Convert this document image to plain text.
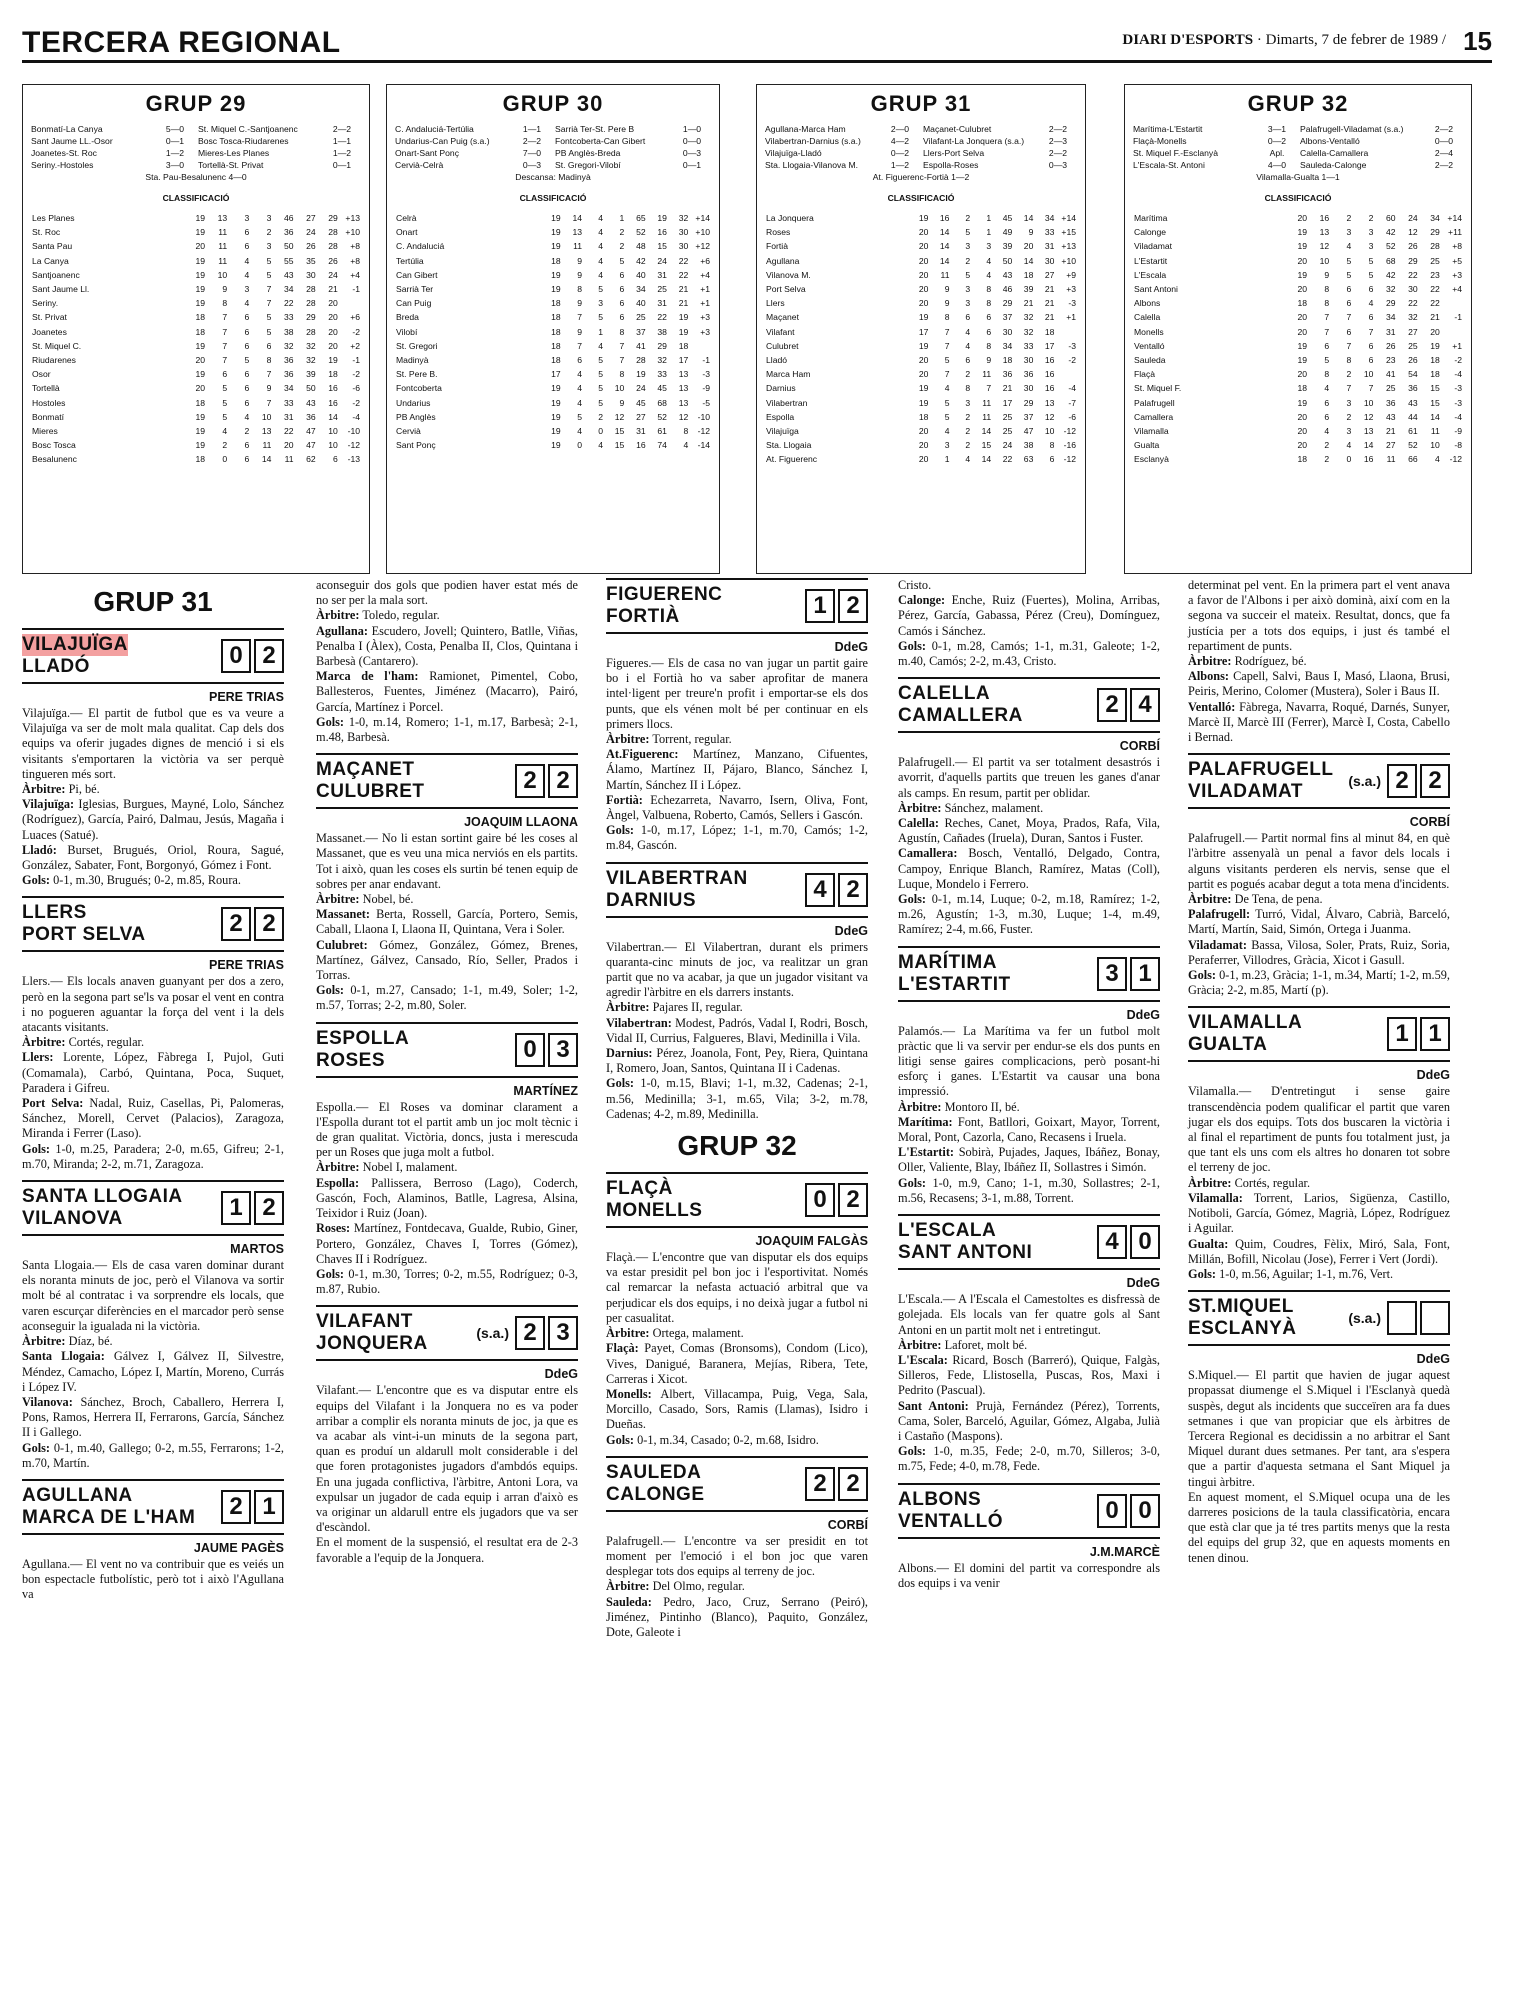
TERCERA REGIONAL	DIARI D'ESPORTS · Dimarts, 7 de febrer de 1989 / 15
GRUP 29
Bonmatí-La Canya	5—0	St. Miquel C.-Santjoanenc	2—2
Sant Jaume LL.-Osor	0—1	Bosc Tosca-Riudarenes	1—1
Joanetes-St. Roc	1—2	Mieres-Les Planes	1—2
Seriny.-Hostoles	3—0	Tortellà-St. Privat	0—1
Sta. Pau-Besalunenc 4—0
CLASSIFICACIÓ
Les Planes	19	13	3	3	46	27	29	+13
St. Roc	19	11	6	2	36	24	28	+10
Santa Pau	20	11	6	3	50	26	28	+8
La Canya	19	11	4	5	55	35	26	+8
Santjoanenc	19	10	4	5	43	30	24	+4
Sant Jaume Ll.	19	9	3	7	34	28	21	-1
Seriny.	19	8	4	7	22	28	20	
St. Privat	18	7	6	5	33	29	20	+6
Joanetes	18	7	6	5	38	28	20	-2
St. Miquel C.	19	7	6	6	32	32	20	+2
Riudarenes	20	7	5	8	36	32	19	-1
Osor	19	6	6	7	36	39	18	-2
Tortellà	20	5	6	9	34	50	16	-6
Hostoles	18	5	6	7	33	43	16	-2
Bonmatí	19	5	4	10	31	36	14	-4
Mieres	19	4	2	13	22	47	10	-10
Bosc Tosca	19	2	6	11	20	47	10	-12
Besalunenc	18	0	6	14	11	62	6	-13
GRUP 30
C. Andaluciá-Tertúlia	1—1	Sarrià Ter-St. Pere B	1—0
Undarius-Can Puig (s.a.)	2—2	Fontcoberta-Can Gibert	0—0
Onart-Sant Ponç	7—0	PB Anglès-Breda	0—3
Cervià-Celrà	0—3	St. Gregori-Vilobí	0—1
Descansa: Madinyà
CLASSIFICACIÓ
Celrà	19	14	4	1	65	19	32	+14
Onart	19	13	4	2	52	16	30	+10
C. Andaluciá	19	11	4	2	48	15	30	+12
Tertúlia	18	9	4	5	42	24	22	+6
Can Gibert	19	9	4	6	40	31	22	+4
Sarrià Ter	19	8	5	6	34	25	21	+1
Can Puig	18	9	3	6	40	31	21	+1
Breda	18	7	5	6	25	22	19	+3
Vilobí	18	9	1	8	37	38	19	+3
St. Gregori	18	7	4	7	41	29	18	
Madinyà	18	6	5	7	28	32	17	-1
St. Pere B.	17	4	5	8	19	33	13	-3
Fontcoberta	19	4	5	10	24	45	13	-9
Undarius	19	4	5	9	45	68	13	-5
PB Anglès	19	5	2	12	27	52	12	-10
Cervià	19	4	0	15	31	61	8	-12
Sant Ponç	19	0	4	15	16	74	4	-14
GRUP 31
Agullana-Marca Ham	2—0	Maçanet-Culubret	2—2
Vilabertran-Darnius (s.a.)	4—2	Vilafant-La Jonquera (s.a.)	2—3
Vilajuïga-Lladó	0—2	Llers-Port Selva	2—2
Sta. Llogaia-Vilanova M.	1—2	Espolla-Roses	0—3
At. Figuerenc-Fortià 1—2
CLASSIFICACIÓ
La Jonquera	19	16	2	1	45	14	34	+14
Roses	20	14	5	1	49	9	33	+15
Fortià	20	14	3	3	39	20	31	+13
Agullana	20	14	2	4	50	14	30	+10
Vilanova M.	20	11	5	4	43	18	27	+9
Port Selva	20	9	3	8	46	39	21	+3
Llers	20	9	3	8	29	21	21	-3
Maçanet	19	8	6	6	37	32	21	+1
Vilafant	17	7	4	6	30	32	18	
Culubret	19	7	4	8	34	33	17	-3
Lladó	20	5	6	9	18	30	16	-2
Marca Ham	20	7	2	11	36	36	16	
Darnius	19	4	8	7	21	30	16	-4
Vilabertran	19	5	3	11	17	29	13	-7
Espolla	18	5	2	11	25	37	12	-6
Vilajuïga	20	4	2	14	25	47	10	-12
Sta. Llogaia	20	3	2	15	24	38	8	-16
At. Figuerenc	20	1	4	14	22	63	6	-12
GRUP 32
Marítima-L'Estartit	3—1	Palafrugell-Viladamat (s.a.)	2—2
Flaçà-Monells	0—2	Albons-Ventalló	0—0
St. Miquel F.-Esclanyà	Apl.	Calella-Camallera	2—4
L'Escala-St. Antoni	4—0	Sauleda-Calonge	2—2
Vilamalla-Gualta 1—1
CLASSIFICACIÓ
Marítima	20	16	2	2	60	24	34	+14
Calonge	19	13	3	3	42	12	29	+11
Viladamat	19	12	4	3	52	26	28	+8
L'Estartit	20	10	5	5	68	29	25	+5
L'Escala	19	9	5	5	42	22	23	+3
Sant Antoni	20	8	6	6	32	30	22	+4
Albons	18	8	6	4	29	22	22	
Calella	20	7	7	6	34	32	21	-1
Monells	20	7	6	7	31	27	20	
Ventalló	19	6	7	6	26	25	19	+1
Sauleda	19	5	8	6	23	26	18	-2
Flaçà	20	8	2	10	41	54	18	-4
St. Miquel F.	18	4	7	7	25	36	15	-3
Palafrugell	19	6	3	10	36	43	15	-3
Camallera	20	6	2	12	43	44	14	-4
Vilamalla	20	4	3	13	21	61	11	-9
Gualta	20	2	4	14	27	52	10	-8
Esclanyà	18	2	0	16	11	66	4	-12
GRUP 31
VILAJUÏGA
LLADÓ	0 2
PERE TRIAS

Vilajuïga.— El partit de futbol que es va veure a Vilajuïga va ser de molt mala qualitat. Cap dels dos equips va oferir jugades dignes de menció i si els visitants s'emportaren la victòria va ser perquè tingueren més sort.

Àrbitre: Pi, bé.

Vilajuïga: Iglesias, Burgues, Mayné, Lolo, Sánchez (Rodríguez), García, Pairó, Dalmau, Jesús, Magaña i Luaces (Satué).

Lladó: Burset, Brugués, Oriol, Roura, Sagué, González, Sabater, Font, Borgonyó, Gómez i Font.

Gols: 0-1, m.30, Brugués; 0-2, m.85, Roura.

LLERS
PORT SELVA	2 2
PERE TRIAS

Llers.— Els locals anaven guanyant per dos a zero, però en la segona part se'ls va posar el vent en contra i no pogueren aguantar la força del vent i la dels atacants visitants.

Àrbitre: Cortés, regular.

Llers: Lorente, López, Fàbrega I, Pujol, Guti (Comamala), Carbó, Quintana, Poca, Suquet, Paradera i Gifreu.

Port Selva: Nadal, Ruiz, Casellas, Pi, Palomeras, Sánchez, Morell, Cervet (Palacios), Zaragoza, Miranda i Ferrer (Laso).

Gols: 1-0, m.25, Paradera; 2-0, m.65, Gifreu; 2-1, m.70, Miranda; 2-2, m.71, Zaragoza.

SANTA LLOGAIA
VILANOVA	1 2
MARTOS

Santa Llogaia.— Els de casa varen dominar durant els noranta minuts de joc, però el Vilanova va sortir molt bé al contratac i va sorprendre els locals, que varen escurçar diferències en el marcador però sense aconseguir la igualada ni la victòria.

Àrbitre: Díaz, bé.

Santa Llogaia: Gálvez I, Gálvez II, Silvestre, Méndez, Camacho, López I, Martín, Moreno, Currás i López IV.

Vilanova: Sánchez, Broch, Caballero, Herrera I, Pons, Ramos, Herrera II, Ferrarons, García, Sánchez II i Gallego.

Gols: 0-1, m.40, Gallego; 0-2, m.55, Ferrarons; 1-2, m.70, Martín.

AGULLANA
MARCA DE L'HAM	2 1
JAUME PAGÈS

Agullana.— El vent no va contribuir que es veiés un bon espectacle futbolístic, però tot i això l'Agullana va

aconseguir dos gols que podien haver estat més de no ser per la mala sort.

Àrbitre: Toledo, regular.

Agullana: Escudero, Jovell; Quintero, Batlle, Viñas, Penalba I (Àlex), Costa, Penalba II, Clos, Quintana i Barbesà (Cantarero).

Marca de l'ham: Ramionet, Pimentel, Cobo, Ballesteros, Fuentes, Jiménez (Macarro), Pairó, García, Martínez i Porcel.

Gols: 1-0, m.14, Romero; 1-1, m.17, Barbesà; 2-1, m.48, Barbesà.

MAÇANET
CULUBRET	2 2
JOAQUIM LLAONA

Massanet.— No li estan sortint gaire bé les coses al Massanet, que es veu una mica nerviós en els partits. Tot i això, quan les coses els surtin bé tenen equip de sobres per anar endavant.

Àrbitre: Nobel, bé.

Massanet: Berta, Rossell, García, Portero, Semis, Caball, Llaona I, Llaona II, Quintana, Vera i Soler.

Culubret: Gómez, González, Gómez, Brenes, Martínez, Gálvez, Cansado, Río, Seller, Prados i Torras.

Gols: 0-1, m.27, Cansado; 1-1, m.49, Soler; 1-2, m.57, Torras; 2-2, m.80, Soler.

ESPOLLA
ROSES	0 3
MARTÍNEZ

Espolla.— El Roses va dominar clarament a l'Espolla durant tot el partit amb un joc molt tècnic i de gran qualitat. Victòria, doncs, justa i merescuda per un Roses que juga molt a futbol.

Àrbitre: Nobel I, malament.

Espolla: Pallissera, Berroso (Lago), Coderch, Gascón, Foch, Alaminos, Batlle, Lagresa, Alsina, Teixidor i Ruiz (Joan).

Roses: Martínez, Fontdecava, Gualde, Rubio, Giner, Portero, González, Chaves I, Torres (Gómez), Chaves II i Rodríguez.

Gols: 0-1, m.30, Torres; 0-2, m.55, Rodríguez; 0-3, m.87, Rubio.

VILAFANT
JONQUERA	(s.a.) 2 3
DdeG

Vilafant.— L'encontre que es va disputar entre els equips del Vilafant i la Jonquera no es va poder arribar a complir els noranta minuts de joc, ja que es va acabar als vint-i-un minuts de la segona part, quan es produí un aldarull molt considerable i del que foren protagonistes jugadors d'ambdós equips. En una jugada conflictiva, l'àrbitre, Antoni Lora, va expulsar un jugador de cada equip i arran d'això es va originar un aldarull entre els jugadors que va ser d'escàndol.

En el moment de la suspensió, el resultat era de 2-3 favorable a l'equip de la Jonquera.

FIGUERENC
FORTIÀ	1 2
DdeG

Figueres.— Els de casa no van jugar un partit gaire bo i el Fortià ho va saber aprofitar de manera intel·ligent per treure'n profit i emportar-se els dos punts, que els vénen molt bé per continuar en els primers llocs.

Àrbitre: Torrent, regular.

At.Figuerenc: Martínez, Manzano, Cifuentes, Álamo, Martínez II, Pájaro, Blanco, Sánchez I, Martín, Sánchez II i López.

Fortià: Echezarreta, Navarro, Isern, Oliva, Font, Àngel, Valbuena, Roberto, Camós, Sellers i Gascón.

Gols: 1-0, m.17, López; 1-1, m.70, Camós; 1-2, m.84, Gascón.

VILABERTRAN
DARNIUS	4 2
DdeG

Vilabertran.— El Vilabertran, durant els primers quaranta-cinc minuts de joc, va realitzar un gran partit que no va acabar, ja que un jugador visitant va agredir l'àrbitre en els darrers instants.

Àrbitre: Pajares II, regular.

Vilabertran: Modest, Padrós, Vadal I, Rodri, Bosch, Vidal II, Currius, Falgueres, Blavi, Medinilla i Vila.

Darnius: Pérez, Joanola, Font, Pey, Riera, Quintana I, Romero, Joan, Santos, Quintana II i Cadenas.

Gols: 1-0, m.15, Blavi; 1-1, m.32, Cadenas; 2-1, m.56, Medinilla; 3-1, m.65, Vila; 3-2, m.78, Cadenas; 4-2, m.89, Medinilla.

GRUP 32
FLAÇÀ
MONELLS	0 2
JOAQUIM FALGÀS

Flaçà.— L'encontre que van disputar els dos equips va estar presidit pel bon joc i l'esportivitat. Només cal remarcar la nefasta actuació arbitral que va perjudicar els dos equips, i no deixà jugar a futbol ni per casualitat.

Àrbitre: Ortega, malament.

Flaçà: Payet, Comas (Bronsoms), Condom (Lico), Vives, Danigué, Baranera, Mejías, Ribera, Tete, Carreras i Xicot.

Monells: Albert, Villacampa, Puig, Vega, Sala, Morcillo, Casado, Sors, Ramis (Llamas), Isidro i Dueñas.

Gols: 0-1, m.34, Casado; 0-2, m.68, Isidro.

SAULEDA
CALONGE	2 2
CORBÍ

Palafrugell.— L'encontre va ser presidit en tot moment per l'emoció i el bon joc que varen desplegar tots dos equips al terreny de joc.

Àrbitre: Del Olmo, regular.

Sauleda: Pedro, Jaco, Cruz, Serrano (Peiró), Jiménez, Pintinho (Blanco), Paquito, González, Dote, Galeote i

Cristo.

Calonge: Enche, Ruiz (Fuertes), Molina, Arribas, Pérez, García, Gabassa, Pérez (Creu), Domínguez, Camós i Sánchez.

Gols: 0-1, m.28, Camós; 1-1, m.31, Galeote; 1-2, m.40, Camós; 2-2, m.43, Cristo.

CALELLA
CAMALLERA	2 4
CORBÍ

Palafrugell.— El partit va ser totalment desastrós i avorrit, d'aquells partits que treuen les ganes d'anar als camps. En resum, partit per oblidar.

Àrbitre: Sánchez, malament.

Calella: Reches, Canet, Moya, Prados, Rafa, Vila, Agustín, Cañades (Iruela), Duran, Santos i Fuster.

Camallera: Bosch, Ventalló, Delgado, Contra, Campoy, Enrique Blanch, Ramírez, Matas (Coll), Luque, Mondelo i Ferrero.

Gols: 0-1, m.14, Luque; 0-2, m.18, Ramírez; 1-2, m.26, Agustín; 1-3, m.30, Luque; 1-4, m.49, Ramírez; 2-4, m.66, Fuster.

MARÍTIMA
L'ESTARTIT	3 1
DdeG

Palamós.— La Marítima va fer un futbol molt pràctic que li va servir per endur-se els dos punts en litigi sense gaires complicacions, però posant-hi esforç i ganes. L'Estartit va causar una bona impressió.

Àrbitre: Montoro II, bé.

Marítima: Font, Batllori, Goixart, Mayor, Torrent, Moral, Pont, Cazorla, Cano, Recasens i Iruela.

L'Estartit: Sobirà, Pujades, Jaques, Ibáñez, Bonay, Oller, Valiente, Blay, Ibáñez II, Sollastres i Simón.

Gols: 1-0, m.9, Cano; 1-1, m.30, Sollastres; 2-1, m.56, Recasens; 3-1, m.88, Torrent.

L'ESCALA
SANT ANTONI	4 0
DdeG

L'Escala.— A l'Escala el Camestoltes es disfressà de golejada. Els locals van fer quatre gols al Sant Antoni en un partit molt net i entretingut.

Àrbitre: Laforet, molt bé.

L'Escala: Ricard, Bosch (Barreró), Quique, Falgàs, Silleros, Fede, Llistosella, Puscas, Ros, Maxi i Pedrito (Pascual).

Sant Antoni: Prujà, Fernández (Pérez), Torrents, Cama, Soler, Barceló, Aguilar, Gómez, Algaba, Julià i Castaño (Maspons).

Gols: 1-0, m.35, Fede; 2-0, m.70, Silleros; 3-0, m.75, Fede; 4-0, m.78, Fede.

ALBONS
VENTALLÓ	0 0
J.M.MARCÈ

Albons.— El domini del partit va correspondre als dos equips i va venir

determinat pel vent. En la primera part el vent anava a favor de l'Albons i per això dominà, així com en la segona va succeir el mateix. Resultat, doncs, que fa justícia per a tots dos equips, i just és també el repartiment de punts.

Àrbitre: Rodríguez, bé.

Albons: Capell, Salvi, Baus I, Masó, Llaona, Brusi, Peiris, Merino, Colomer (Mustera), Soler i Baus II.

Ventalló: Fàbrega, Navarra, Roqué, Darnés, Sunyer, Marcè II, Marcè III (Ferrer), Marcè I, Costa, Cabello i Bernad.

PALAFRUGELL
VILADAMAT	(s.a.) 2 2
CORBÍ

Palafrugell.— Partit normal fins al minut 84, en què l'àrbitre assenyalà un penal a favor dels locals i alguns visitants perderen els nervis, sense que el partit es pogués acabar degut a tota mena d'incidents.

Àrbitre: De Tena, de pena.

Palafrugell: Turró, Vidal, Álvaro, Cabrià, Barceló, Martí, Martín, Said, Simón, Ortega i Juanma.

Viladamat: Bassa, Vilosa, Soler, Prats, Ruiz, Soria, Peraferrer, Villodres, Gràcia, Xicot i Gasull.

Gols: 0-1, m.23, Gràcia; 1-1, m.34, Martí; 1-2, m.59, Gràcia; 2-2, m.85, Martí (p).

VILAMALLA
GUALTA	1 1
DdeG

Vilamalla.— D'entretingut i sense gaire transcendència podem qualificar el partit que varen jugar els dos equips. Tots dos buscaren la victòria i al final el repartiment de punts fou totalment just, ja que tant els uns com els altres ho donaren tot sobre el terreny de joc.

Àrbitre: Cortés, regular.

Vilamalla: Torrent, Larios, Sigüenza, Castillo, Notiboli, García, Gómez, Magrià, López, Rodríguez i Aguilar.

Gualta: Quim, Coudres, Fèlix, Miró, Sala, Font, Millán, Bofill, Nicolau (Jose), Ferrer i Vert (Jordi).

Gols: 1-0, m.56, Aguilar; 1-1, m.76, Vert.

ST.MIQUEL
ESCLANYÀ	(s.a.)
DdeG

S.Miquel.— El partit que havien de jugar aquest propassat diumenge el S.Miquel i l'Esclanyà quedà suspès, degut als incidents que succeïren ara fa dues setmanes i que van propiciar que els àrbitres de Tercera Regional es decidissin a no arbitrar el Sant Miquel durant dues setmanes. Per tant, ara s'espera que a partir d'aquesta setmana el Sant Miquel ja tingui àrbitre.

En aquest moment, el S.Miquel ocupa una de les darreres posicions de la taula classificatòria, encara que està clar que ja té tres partits menys que la resta del equips del grup 32, que en aquests moments en tenen dinou.
